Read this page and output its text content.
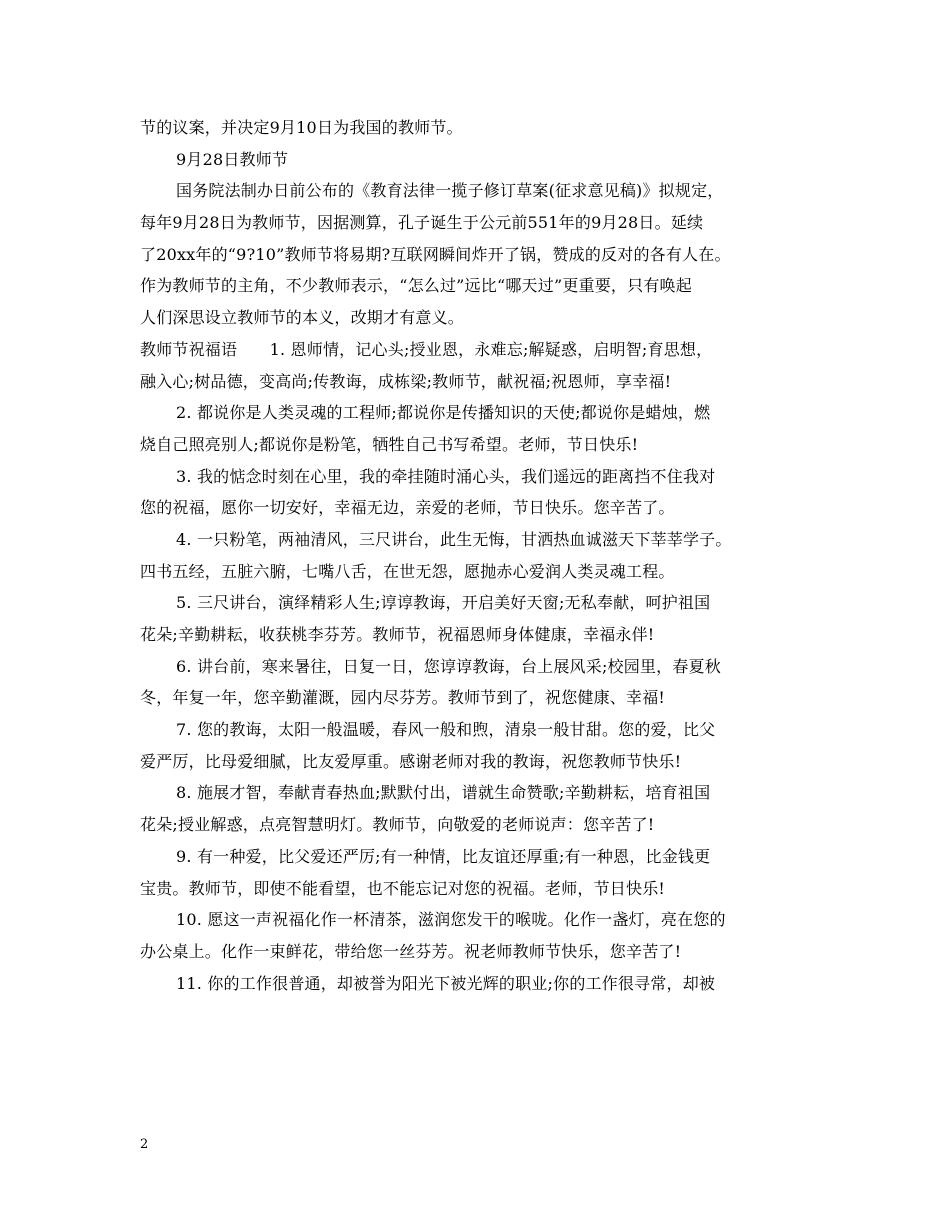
节的议案，并决定9月10日为我国的教师节。
9月28日教师节
国务院法制办日前公布的《教育法律一揽子修订草案(征求意见稿)》拟规定，
每年9月28日为教师节，因据测算，孔子诞生于公元前551年的9月28日。延续
了20xx年的“9?10”教师节将易期?互联网瞬间炸开了锅，赞成的反对的各有人在。
作为教师节的主角，不少教师表示，“怎么过”远比“哪天过”更重要，只有唤起
人们深思设立教师节的本义，改期才有意义。
教师节祝福语　　1. 恩师情，记心头;授业恩，永难忘;解疑惑，启明智;育思想，
融入心;树品德，变高尚;传教诲，成栋梁;教师节，献祝福;祝恩师，享幸福!
2. 都说你是人类灵魂的工程师;都说你是传播知识的天使;都说你是蜡烛，燃
烧自己照亮别人;都说你是粉笔，牺牲自己书写希望。老师，节日快乐!
3. 我的惦念时刻在心里，我的牵挂随时涌心头，我们遥远的距离挡不住我对
您的祝福，愿你一切安好，幸福无边，亲爱的老师，节日快乐。您辛苦了。
4. 一只粉笔，两袖清风，三尺讲台，此生无悔，甘洒热血诚滋天下莘莘学子。
四书五经，五脏六腑，七嘴八舌，在世无怨，愿抛赤心爱润人类灵魂工程。
5. 三尺讲台，演绎精彩人生;谆谆教诲，开启美好天窗;无私奉献，呵护祖国
花朵;辛勤耕耘，收获桃李芬芳。教师节，祝福恩师身体健康，幸福永伴!
6. 讲台前，寒来暑往，日复一日，您谆谆教诲，台上展风采;校园里，春夏秋
冬，年复一年，您辛勤灌溉，园内尽芬芳。教师节到了，祝您健康、幸福!
7. 您的教诲，太阳一般温暖，春风一般和煦，清泉一般甘甜。您的爱，比父
爱严厉，比母爱细腻，比友爱厚重。感谢老师对我的教诲，祝您教师节快乐!
8. 施展才智，奉献青春热血;默默付出，谱就生命赞歌;辛勤耕耘，培育祖国
花朵;授业解惑，点亮智慧明灯。教师节，向敬爱的老师说声：您辛苦了!
9. 有一种爱，比父爱还严厉;有一种情，比友谊还厚重;有一种恩，比金钱更
宝贵。教师节，即使不能看望，也不能忘记对您的祝福。老师，节日快乐!
10. 愿这一声祝福化作一杯清茶，滋润您发干的喉咙。化作一盏灯，亮在您的
办公桌上。化作一束鲜花，带给您一丝芬芳。祝老师教师节快乐，您辛苦了!
11. 你的工作很普通，却被誉为阳光下被光辉的职业;你的工作很寻常，却被
2
